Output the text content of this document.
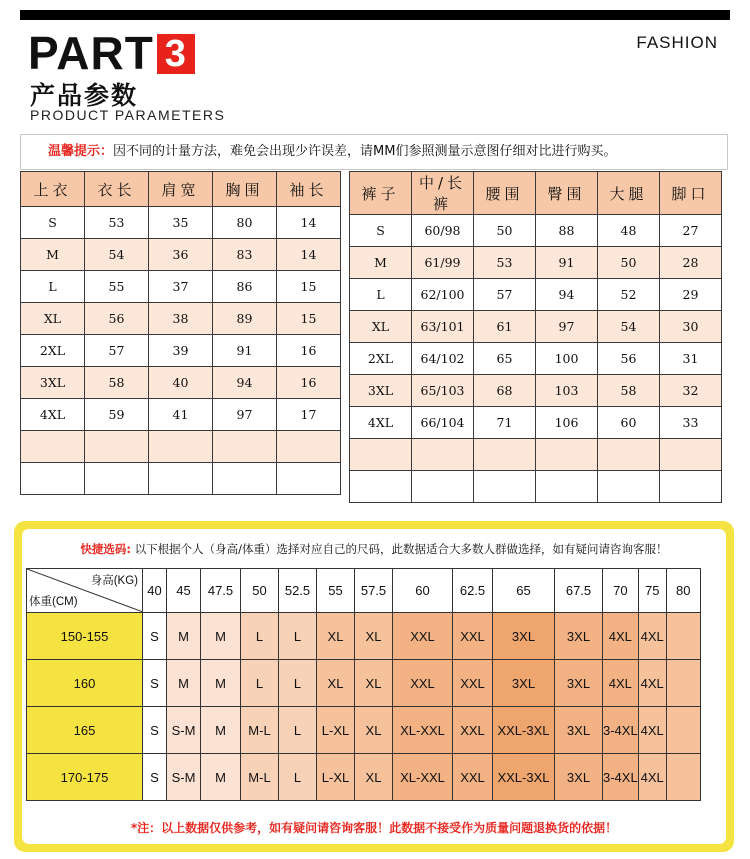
PART 3	FASHION
产品参数
PRODUCT PARAMETERS
温馨提示：因不同的计量方法，难免会出现少许误差，请MM们参照测量示意图仔细对比进行购买。
上衣	衣长	肩宽	胸围	袖长
S	53	35	80	14
M	54	36	83	14
L	55	37	86	15
XL	56	38	89	15
2XL	57	39	91	16
3XL	58	40	94	16
4XL	59	41	97	17

裤子	中/长裤	腰围	臀围	大腿	脚口
S	60/98	50	88	48	27
M	61/99	53	91	50	28
L	62/100	57	94	52	29
XL	63/101	61	97	54	30
2XL	64/102	65	100	56	31
3XL	65/103	68	103	58	32
4XL	66/104	71	106	60	33

快捷选码: 以下根据个人（身高/体重）选择对应自己的尺码，此数据适合大多数人群做选择，如有疑问请咨询客服！
身高(KG)
体重(CM)	40	45	47.5	50	52.5	55	57.5	60	62.5	65	67.5	70	75	80
150-155	S	M	M	L	L	XL	XL	XXL	XXL	3XL	3XL	4XL	4XL	
160	S	M	M	L	L	XL	XL	XXL	XXL	3XL	3XL	4XL	4XL	
165	S	S-M	M	M-L	L	L-XL	XL	XL-XXL	XXL	XXL-3XL	3XL	3-4XL	4XL	
170-175	S	S-M	M	M-L	L	L-XL	XL	XL-XXL	XXL	XXL-3XL	3XL	3-4XL	4XL	
*注：以上数据仅供参考，如有疑问请咨询客服！此数据不接受作为质量问题退换货的依据！
